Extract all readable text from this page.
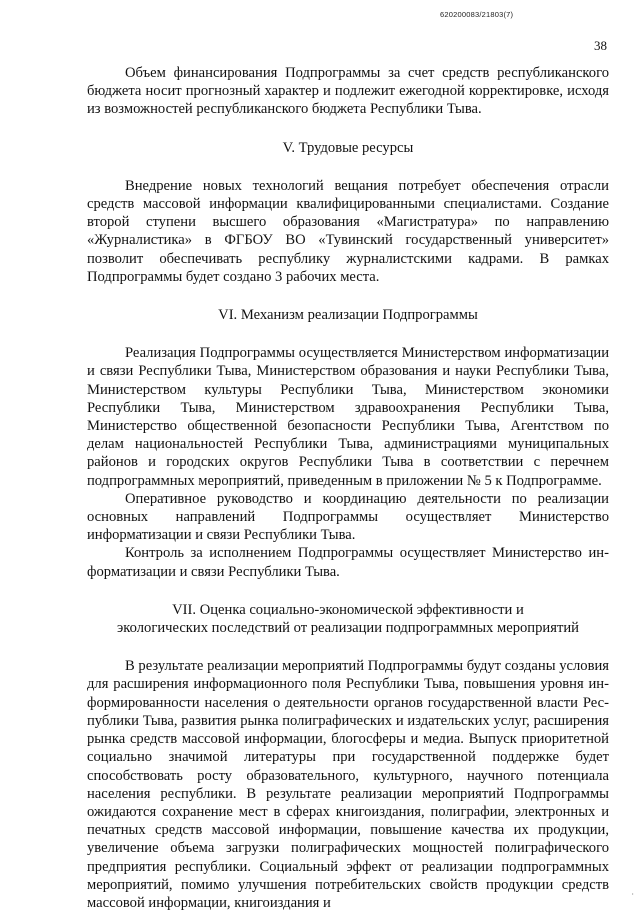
620200083/21803(7)
38

Объем финансирования Подпрограммы за счет средств республиканского бюджета носит прогнозный характер и подлежит ежегодной корректировке, исходя из возможностей республиканского бюджета Республики Тыва.

V. Трудовые ресурсы

Внедрение новых технологий вещания потребует обеспечения отрасли средств массовой информации квалифицированными специалистами. Создание второй ступени высшего образования «Магистратура» по направлению «Журналистика» в ФГБОУ ВО «Тувинский государственный университет» позволит обеспечивать республику журналистскими кадрами. В рамках Подпрограммы будет создано 3 рабочих места.

VI. Механизм реализации Подпрограммы

Реализация Подпрограммы осуществляется Министерством информатизации и связи Республики Тыва, Министерством образования и науки Республики Тыва, Министерством культуры Республики Тыва, Министерством экономики Республики Тыва, Министерством здравоохранения Республики Тыва, Министерство общественной безопасности Республики Тыва, Агентством по делам национальностей Республики Тыва, администрациями муниципальных районов и городских округов Республики Тыва в соответствии с перечнем подпрограммных мероприятий, приведенным в приложении № 5 к Подпрограмме.

Оперативное руководство и координацию деятельности по реализации основных направлений Подпрограммы осуществляет Министерство информатизации и связи Республики Тыва.

Контроль за исполнением Подпрограммы осуществляет Министерство информатизации и связи Республики Тыва.

VII. Оценка социально-экономической эффективности и

экологических последствий от реализации подпрограммных мероприятий

В результате реализации мероприятий Подпрограммы будут созданы условия для расширения информационного поля Республики Тыва, повышения уровня информированности населения о деятельности органов государственной власти Республики Тыва, развития рынка полиграфических и издательских услуг, расширения рынка средств массовой информации, блогосферы и медиа. Выпуск приоритетной социально значимой литературы при государственной поддержке будет способствовать росту образовательного, культурного, научного потенциала населения республики. В результате реализации мероприятий Подпрограммы ожидаются сохранение мест в сферах книгоиздания, полиграфии, электронных и печатных средств массовой информации, повышение качества их продукции, увеличение объема загрузки полиграфических мощностей полиграфического предприятия республики. Социальный эффект от реализации подпрограммных мероприятий, помимо улучшения потребительских свойств продукции средств массовой информации, книгоиздания и

·
